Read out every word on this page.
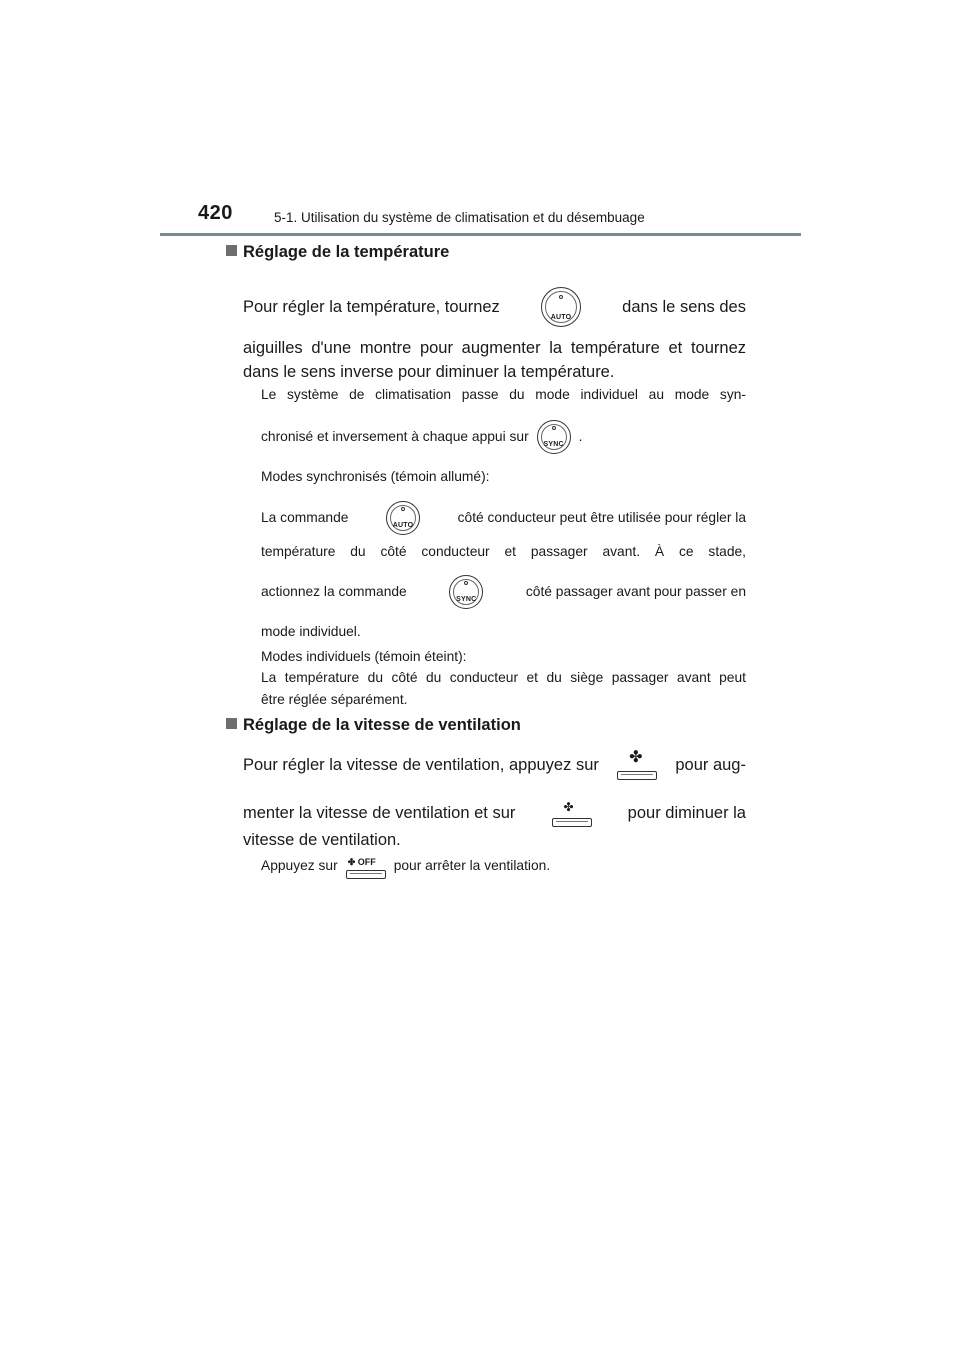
420	5-1. Utilisation du système de climatisation et du désembuage
Réglage de la température
Pour régler la température, tournez
AUTO
dans le sens des
aiguilles d'une montre pour augmenter la température et tournez
dans le sens inverse pour diminuer la température.
Le système de climatisation passe du mode individuel au mode syn-
chronisé et inversement à chaque appui sur
SYNC
.
Modes synchronisés (témoin allumé):
La commande
AUTO
côté conducteur peut être utilisée pour régler la
température du côté conducteur et passager avant. À ce stade,
actionnez la commande
SYNC
côté passager avant pour passer en
mode individuel.
Modes individuels (témoin éteint):
La température du côté du conducteur et du siège passager avant peut
être réglée séparément.
Réglage de la vitesse de ventilation
Pour régler la vitesse de ventilation, appuyez sur ✤ pour aug-
menter la vitesse de ventilation et sur	✤	pour diminuer la
vitesse de ventilation.
Appuyez sur ✤ OFF pour arrêter la ventilation.
